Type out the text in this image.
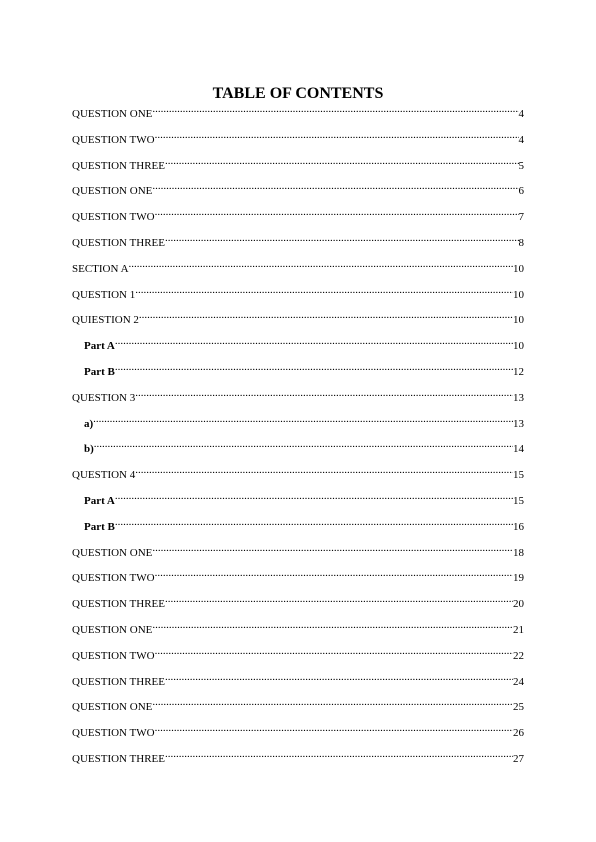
TABLE OF CONTENTS
QUESTION ONE .....	4
QUESTION TWO .....	4
QUESTION THREE .....	5
QUESTION ONE .....	6
QUESTION TWO .....	7
QUESTION THREE .....	8
SECTION A .....	10
QUESTION 1 .....	10
QUIESTION 2 .....	10
Part A .....	10
Part B .....	12
QUESTION 3 .....	13
a) .....	13
b) .....	14
QUESTION 4 .....	15
Part A .....	15
Part B .....	16
QUESTION ONE .....	18
QUESTION TWO .....	19
QUESTION THREE .....	20
QUESTION ONE .....	21
QUESTION TWO .....	22
QUESTION THREE .....	24
QUESTION ONE .....	25
QUESTION TWO .....	26
QUESTION THREE .....	27
